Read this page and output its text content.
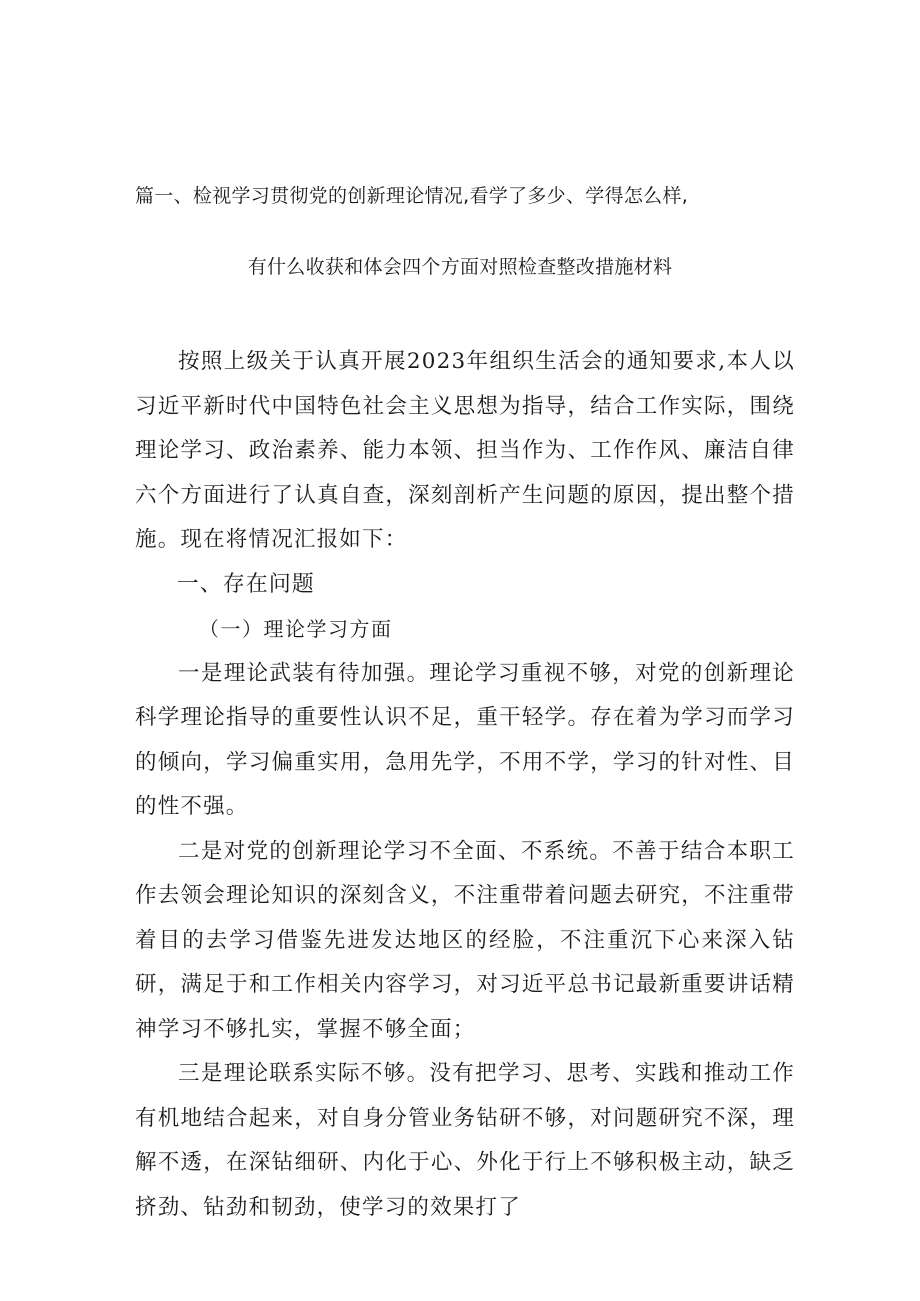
篇一、检视学习贯彻党的创新理论情况,看学了多少、学得怎么样,
有什么收获和体会四个方面对照检查整改措施材料

按照上级关于认真开展2023年组织生活会的通知要求,本人以习近平新时代中国特色社会主义思想为指导，结合工作实际，围绕理论学习、政治素养、能力本领、担当作为、工作作风、廉洁自律六个方面进行了认真自查，深刻剖析产生问题的原因，提出整个措施。现在将情况汇报如下：

一、存在问题

（一）理论学习方面

一是理论武装有待加强。理论学习重视不够，对党的创新理论科学理论指导的重要性认识不足，重干轻学。存在着为学习而学习的倾向，学习偏重实用，急用先学，不用不学，学习的针对性、目的性不强。

二是对党的创新理论学习不全面、不系统。不善于结合本职工作去领会理论知识的深刻含义，不注重带着问题去研究，不注重带着目的去学习借鉴先进发达地区的经脸，不注重沉下心来深入钻研，满足于和工作相关内容学习，对习近平总书记最新重要讲话精神学习不够扎实，掌握不够全面；

三是理论联系实际不够。没有把学习、思考、实践和推动工作有机地结合起来，对自身分管业务钻研不够，对问题研究不深，理解不透，在深钻细研、内化于心、外化于行上不够积极主动，缺乏挤劲、钻劲和韧劲，使学习的效果打了
